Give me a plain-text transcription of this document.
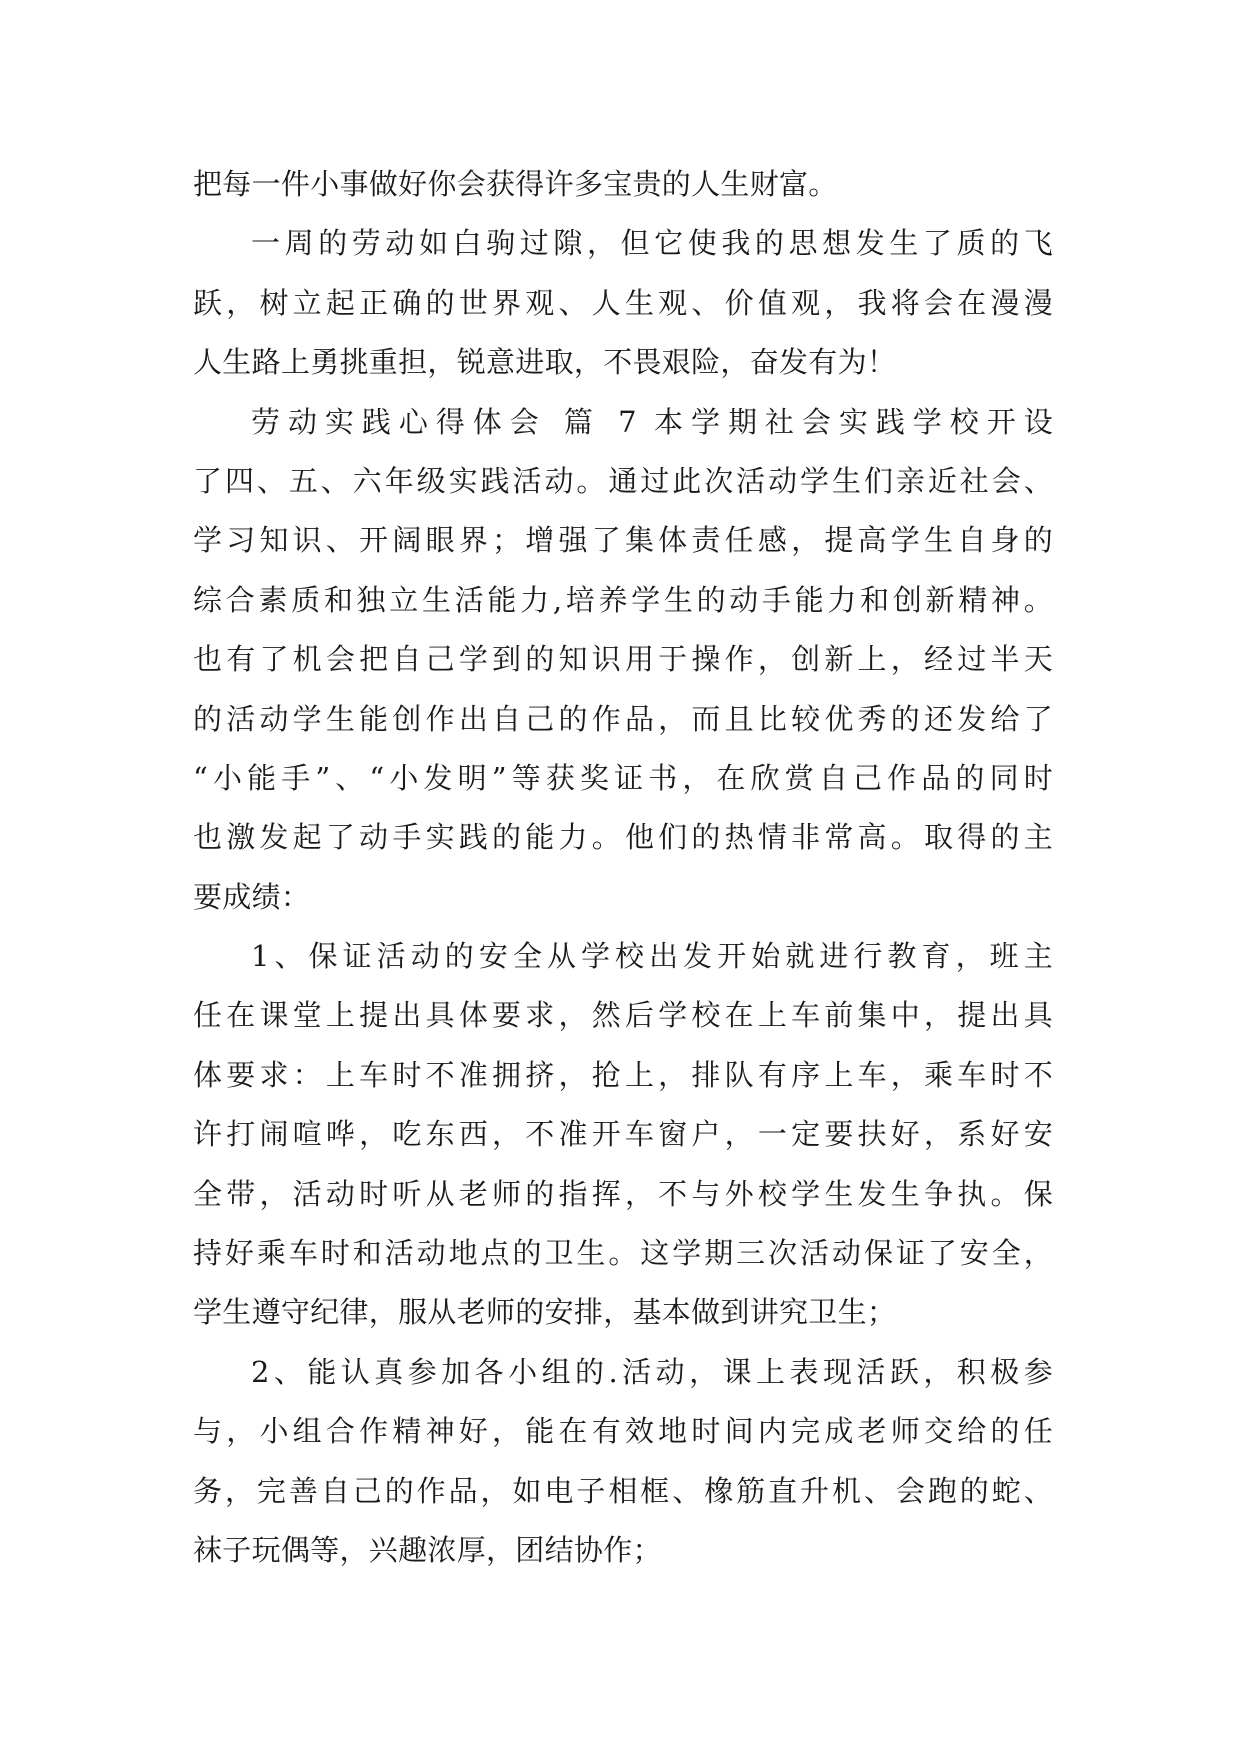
把每一件小事做好你会获得许多宝贵的人生财富。
一周的劳动如白驹过隙，但它使我的思想发生了质的飞
跃，树立起正确的世界观、人生观、价值观，我将会在漫漫
人生路上勇挑重担，锐意进取，不畏艰险，奋发有为！
劳动实践心得体会 篇 7 本学期社会实践学校开设
了四、五、六年级实践活动。通过此次活动学生们亲近社会、
学习知识、开阔眼界；增强了集体责任感，提高学生自身的
综合素质和独立生活能力,培养学生的动手能力和创新精神。
也有了机会把自己学到的知识用于操作，创新上，经过半天
的活动学生能创作出自己的作品，而且比较优秀的还发给了
“小能手”、“小发明”等获奖证书，在欣赏自己作品的同时
也激发起了动手实践的能力。他们的热情非常高。取得的主
要成绩：
1、保证活动的安全从学校出发开始就进行教育，班主
任在课堂上提出具体要求，然后学校在上车前集中，提出具
体要求：上车时不准拥挤，抢上，排队有序上车，乘车时不
许打闹喧哗，吃东西，不准开车窗户，一定要扶好，系好安
全带，活动时听从老师的指挥，不与外校学生发生争执。保
持好乘车时和活动地点的卫生。这学期三次活动保证了安全，
学生遵守纪律，服从老师的安排，基本做到讲究卫生；
2、能认真参加各小组的.活动，课上表现活跃，积极参
与，小组合作精神好，能在有效地时间内完成老师交给的任
务，完善自己的作品，如电子相框、橡筋直升机、会跑的蛇、
袜子玩偶等，兴趣浓厚，团结协作；
